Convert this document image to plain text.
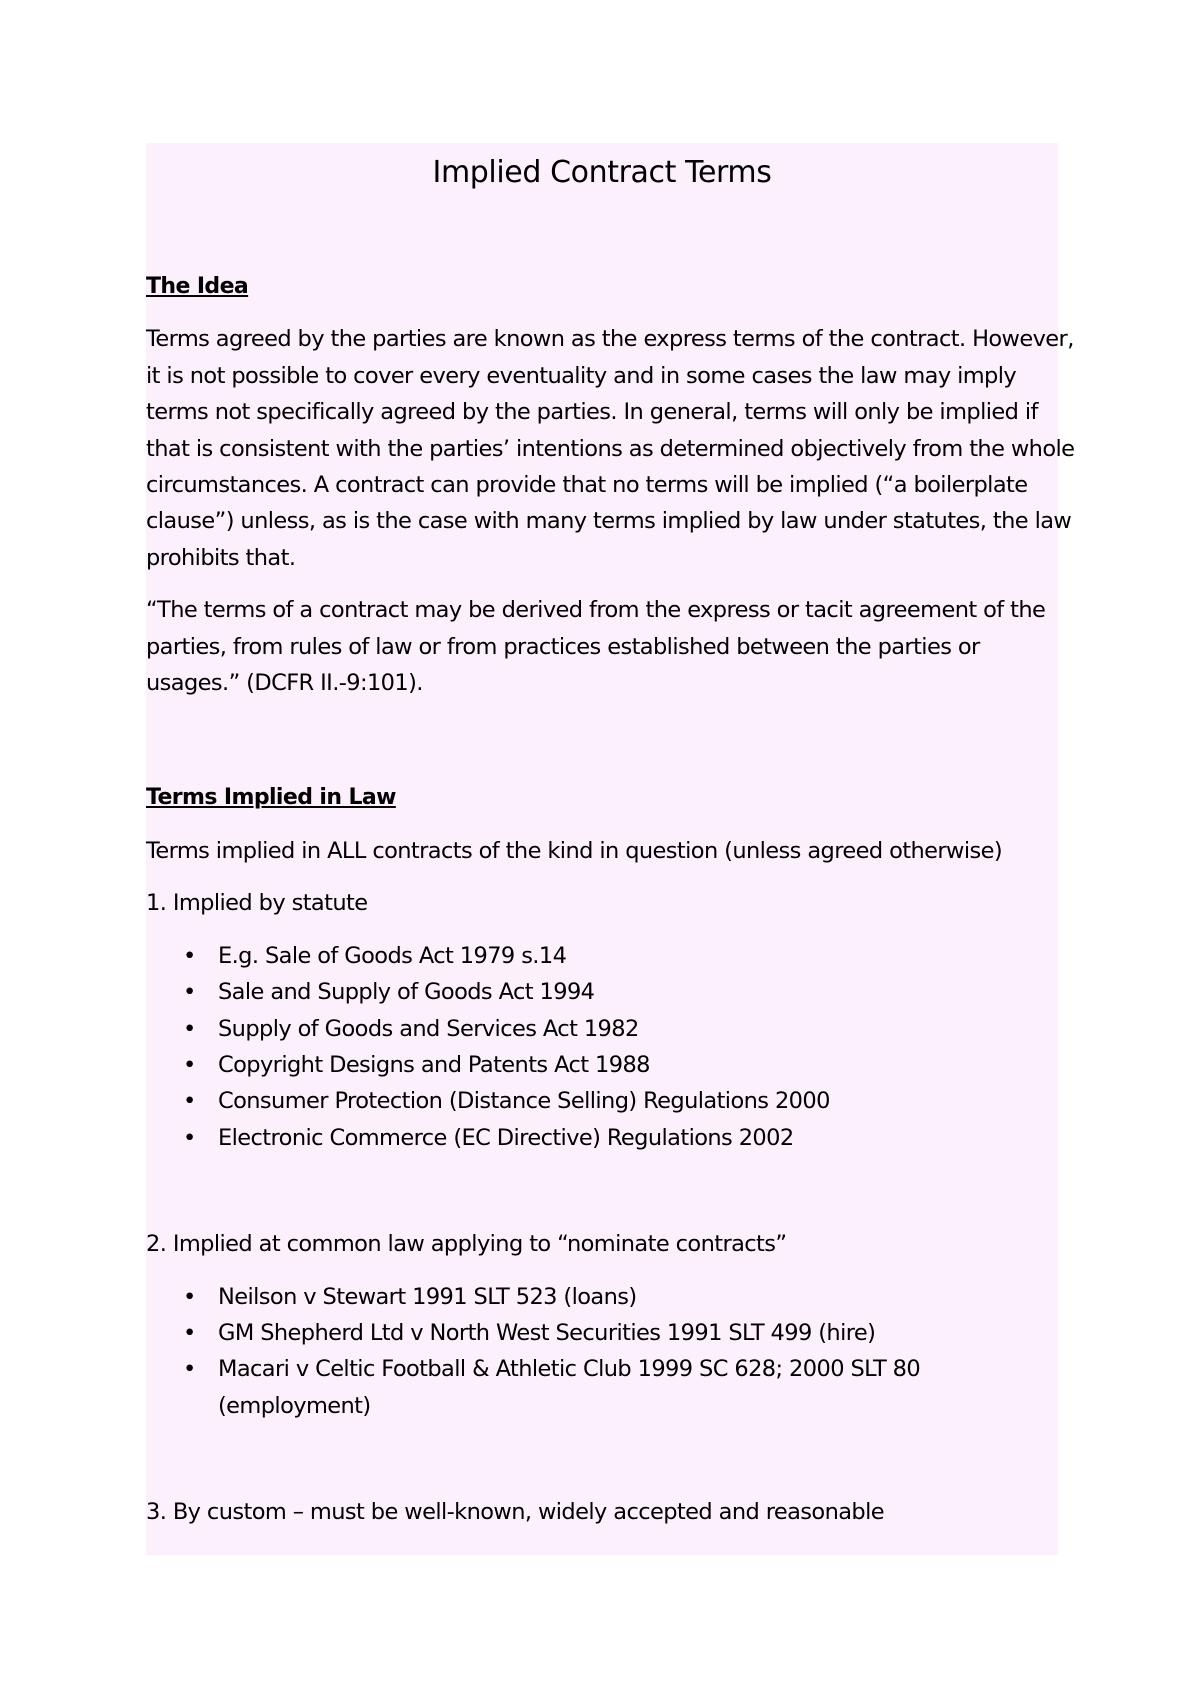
Implied Contract Terms
The Idea

Terms agreed by the parties are known as the express terms of the contract. However, it is not possible to cover every eventuality and in some cases the law may imply terms not specifically agreed by the parties. In general, terms will only be implied if that is consistent with the parties’ intentions as determined objectively from the whole circumstances. A contract can provide that no terms will be implied (“a boilerplate clause”) unless, as is the case with many terms implied by law under statutes, the law prohibits that.

“The terms of a contract may be derived from the express or tacit agreement of the parties, from rules of law or from practices established between the parties or usages.” (DCFR II.-9:101).

Terms Implied in Law

Terms implied in ALL contracts of the kind in question (unless agreed otherwise)

1. Implied by statute

• E.g. Sale of Goods Act 1979 s.14
• Sale and Supply of Goods Act 1994
• Supply of Goods and Services Act 1982
• Copyright Designs and Patents Act 1988
• Consumer Protection (Distance Selling) Regulations 2000
• Electronic Commerce (EC Directive) Regulations 2002

2. Implied at common law applying to “nominate contracts”

• Neilson v Stewart 1991 SLT 523 (loans)
• GM Shepherd Ltd v North West Securities 1991 SLT 499 (hire)
• Macari v Celtic Football & Athletic Club 1999 SC 628; 2000 SLT 80 (employment)

3. By custom – must be well-known, widely accepted and reasonable
